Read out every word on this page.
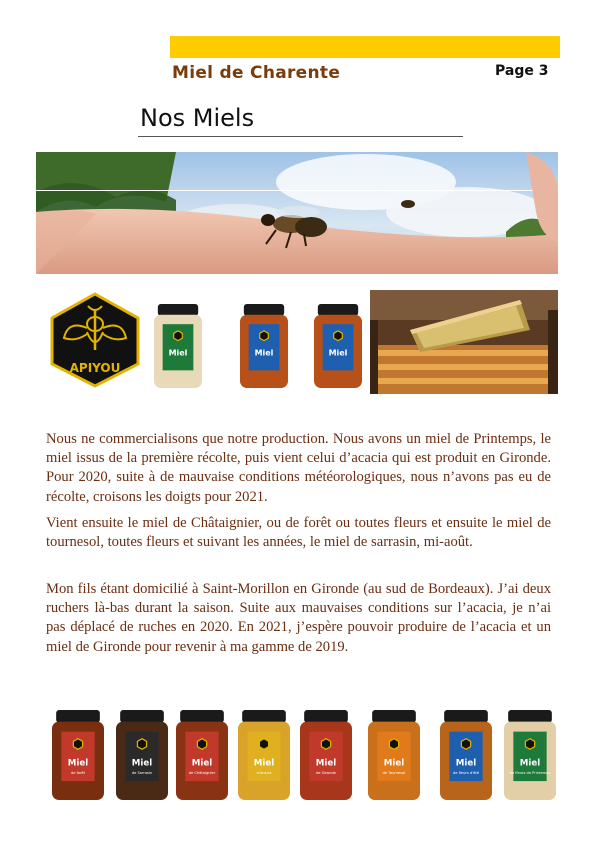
Miel de Charente	Page 3
Nos Miels
APIYOU
Miel	Miel	Miel

Nous ne commercialisons que notre production. Nous avons un miel de Printemps, le miel issus de la première récolte, puis vient celui d’acacia qui est produit en Gironde. Pour 2020, suite à de mauvaise conditions météorologiques, nous n’avons pas eu de récolte, croisons les doigts pour 2021.

Vient ensuite le miel de Châtaignier, ou de forêt ou toutes fleurs et ensuite le miel de tournesol, toutes fleurs et suivant les années, le miel de sarrasin, mi-août.

Mon fils étant domicilié à Saint-Morillon en Gironde (au sud de Bordeaux). J’ai deux ruchers là-bas durant la saison. Suite aux mauvaises conditions sur l’acacia, je n’ai pas déplacé de ruches en 2020. En 2021, j’espère pouvoir produire de l’acacia et un miel de Gironde pour revenir à ma gamme de 2019.

Miel
de forêt
Miel
de Sarrasin
Miel
de Châtaignier
Miel
d'Acacia
Miel
de Gironde
Miel
de Tournesol
Miel
de fleurs d'été
Miel
de fleurs de Printemps
